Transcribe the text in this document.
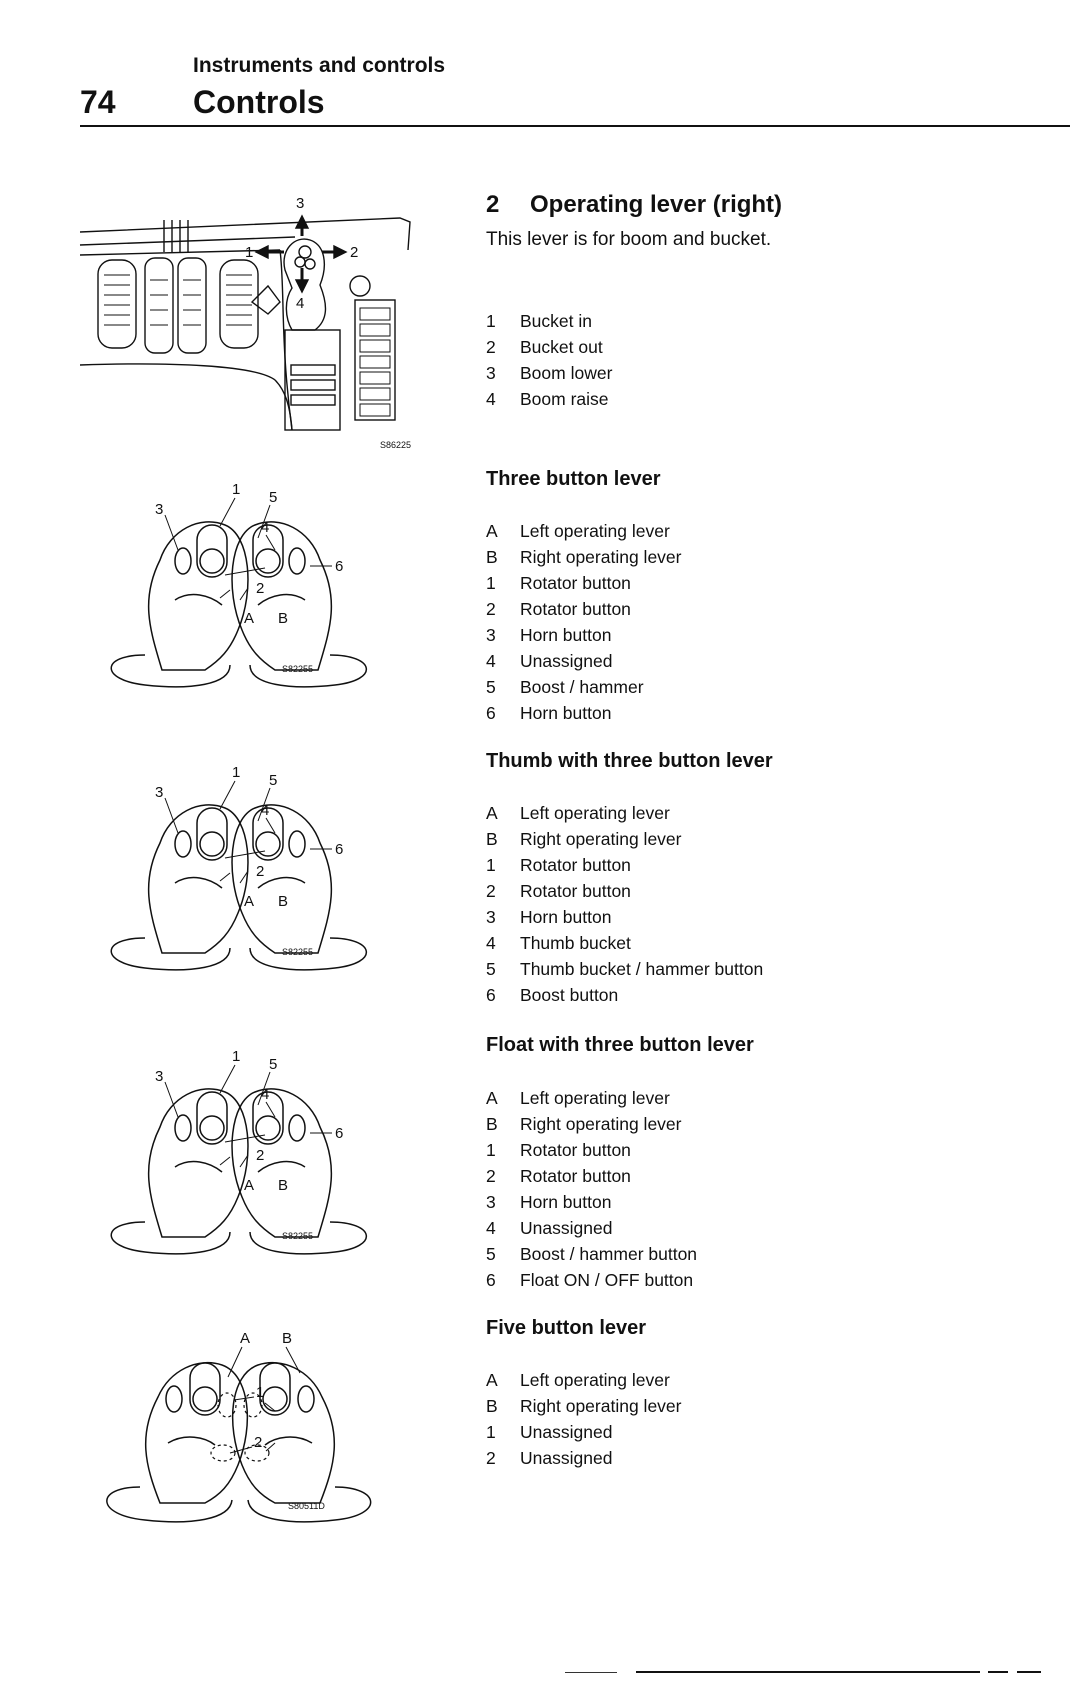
Instruments and controls
74 Controls
2 Operating lever (right)
This lever is for boom and bucket.
1 Bucket in
2 Bucket out
3 Boom lower
4 Boom raise
Three button lever
A Left operating lever
B Right operating lever
1 Rotator button
2 Rotator button
3 Horn button
4 Unassigned
5 Boost / hammer
6 Horn button
Thumb with three button lever
A Left operating lever
B Right operating lever
1 Rotator button
2 Rotator button
3 Horn button
4 Thumb bucket
5 Thumb bucket / hammer button
6 Boost button
Float with three button lever
A Left operating lever
B Right operating lever
1 Rotator button
2 Rotator button
3 Horn button
4 Unassigned
5 Boost / hammer button
6 Float ON / OFF button
Five button lever
A Left operating lever
B Right operating lever
1 Unassigned
2 Unassigned
3
1	2
4
S86225
1
3
5
4
6
2
A B
S82255
1
3
5
4
6
2
A B
S82255
1
3
5
4
6
2
A B
S82255
A B
1
2
S80511D
